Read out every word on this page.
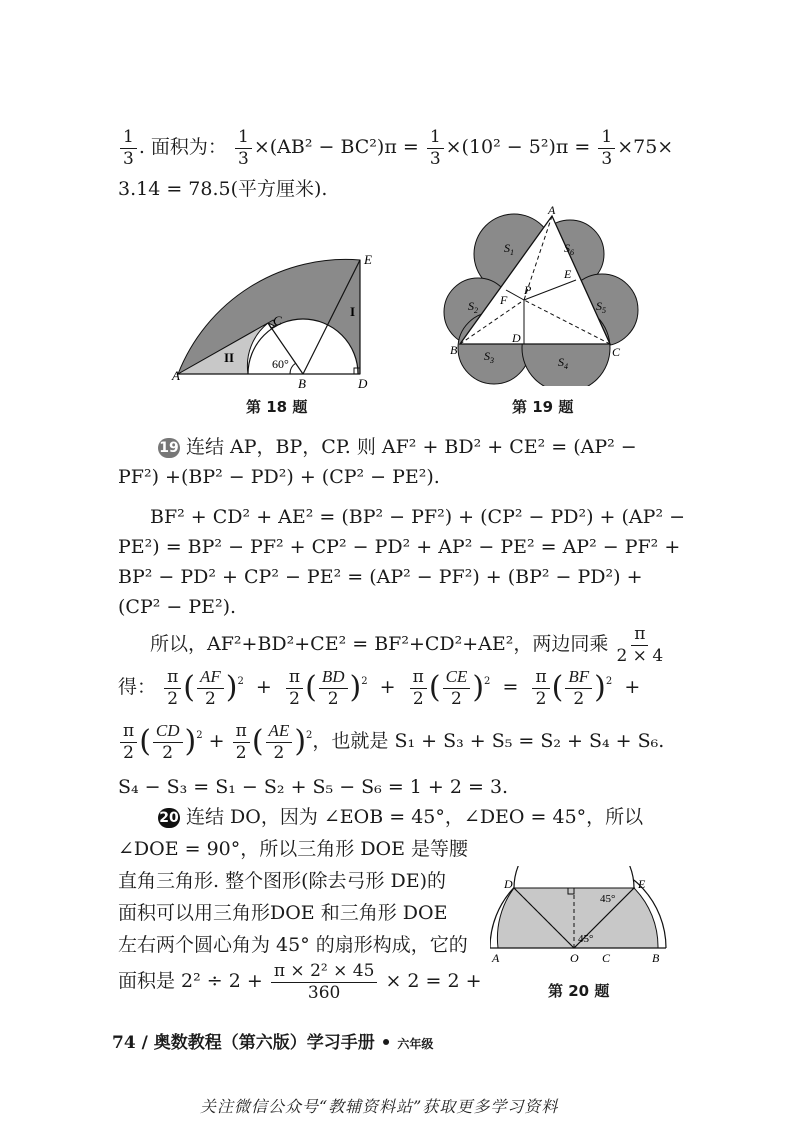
$\frac{1}{3}$ . 面积为： $\frac{1}{3} \times(AB^2 - BC^2)\pi = \frac{1}{3} \times(10^2 - 5^2)\pi = \frac{1}{3} \times 75\times$
3.14 = 78.5(平方厘米).
A
B
C
D
E
60°
I
II
第 18 题
A
B	C
D
E
F
P
$S_1$	$S_6$
$S_2$	$S_5$
$S_3$	$S_4$
第 19 题
19 连结 AP，BP，CP. 则 AF² + BD² + CE² = (AP² −
PF²) +(BP² − PD²) + (CP² − PE²).
BF² + CD² + AE² = (BP² − PF²) + (CP² − PD²) + (AP² −
PE²) = BP² − PF² + CP² − PD² + AP² − PE² = AP² − PF² +
BP² − PD² + CP² − PE² = (AP² − PF²) + (BP² − PD²) +
(CP² − PE²).
所以，AF²+BD²+CE² = BF²+CD²+AE²，两边同乘 $\frac{\pi}{2 \times 4}$
得： $\frac{\pi}{2}$ ( $\frac{AF}{2} )^2 + \frac{\pi}{2}$ ( $\frac{BD}{2} )^2 + \frac{\pi}{2}$ ( $\frac{CE}{2} )^2 = \frac{\pi}{2}$ ( $\frac{BF}{2} )^2$  +
$\frac{\pi}{2}$ ( $\frac{CD}{2} )^2 + \frac{\pi}{2}$ ( $\frac{AE}{2} )^2$，也就是 S₁ + S₃ + S₅ = S₂ + S₄ + S₆.
S₄ − S₃ = S₁ − S₂ + S₅ − S₆ = 1 + 2 = 3.
20 连结 DO，因为 ∠EOB = 45°，∠DEO = 45°，所以
∠DOE = 90°，所以三角形 DOE 是等腰
直角三角形. 整个图形(除去弓形 DE)的
面积可以用三角形DOE 和三角形 DOE
左右两个圆心角为 45° 的扇形构成，它的
面积是 $2^2 \div 2 + \frac{\text{π × 2² × 45}}{360} \times 2 = 2$ +
D	E
A	O C	B
45°
45°
第 20 题
74 / 奥数教程（第六版）学习手册 • 六年级
关注微信公众号“教辅资料站”获取更多学习资料
